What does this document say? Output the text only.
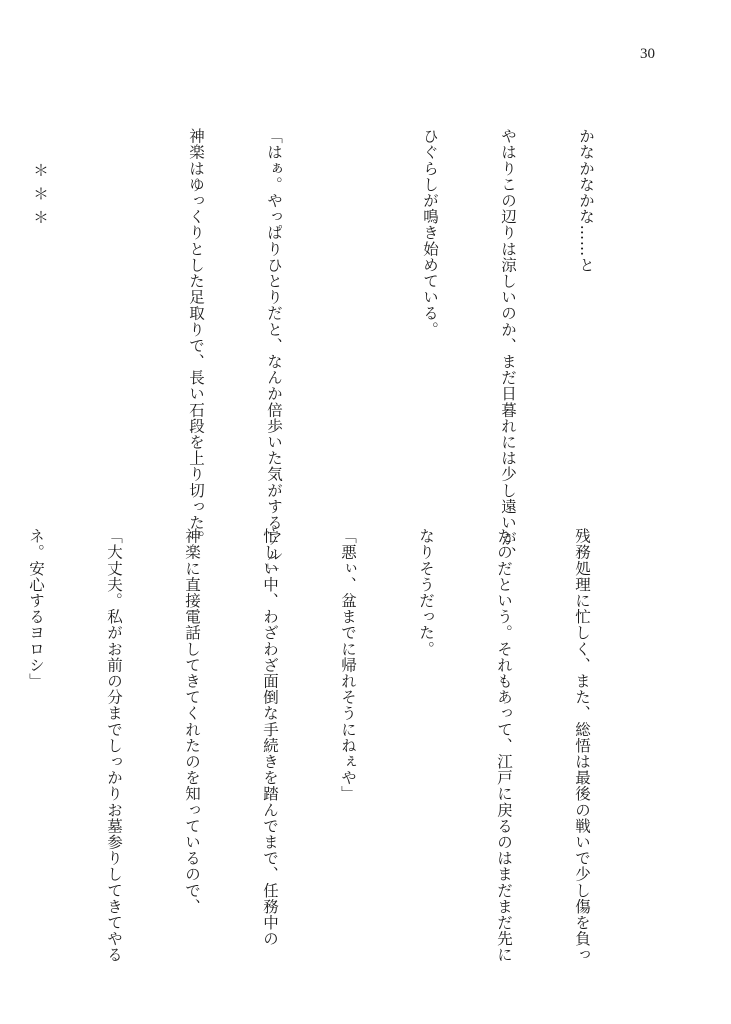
30

かなかなかな……と

やはりこの辺りは涼しいのか、まだ日暮れには少し遠いが、

ひぐらしが鳴き始めている。

「はぁ。やっぱりひとりだと、なんか倍歩いた気がするアル」

神楽はゆっくりとした足取りで、長い石段を上り切った。

＊＊＊

残務処理に忙しく、また、総悟は最後の戦いで少し傷を負っ

たのだという。それもあって、江戸に戻るのはまだまだ先に

なりそうだった。

「悪ぃ、盆までに帰れそうにねぇや」

忙しい中、わざわざ面倒な手続きを踏んでまで、任務中の

神楽に直接電話してきてくれたのを知っているので、

「大丈夫。私がお前の分までしっかりお墓参りしてきてやる

ネ。安心するヨロシ」
